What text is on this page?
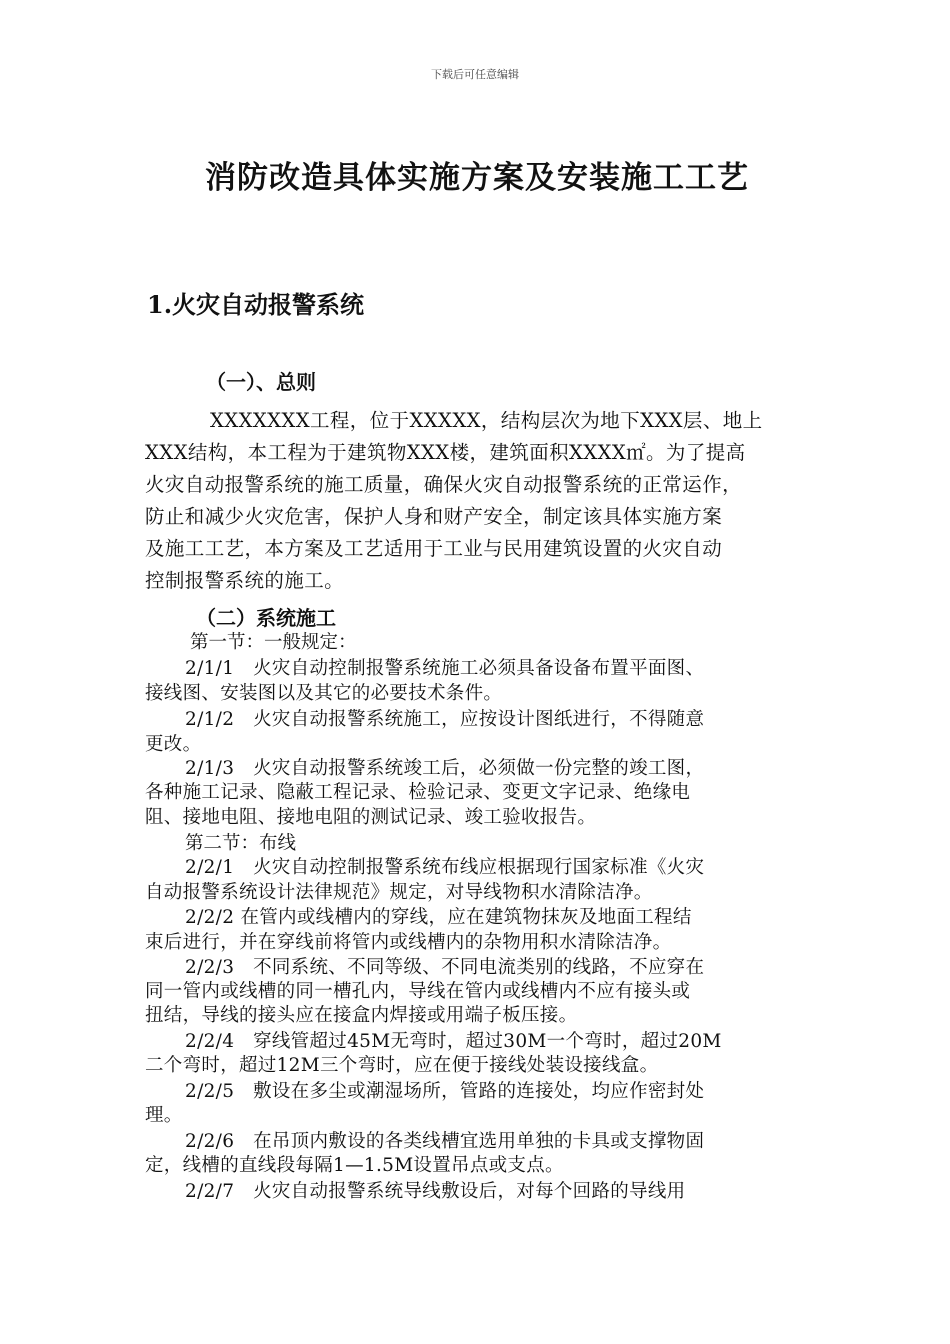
下载后可任意编辑
消防改造具体实施方案及安装施工工艺
1.火灾自动报警系统
（一）、总则
XXXXXXX工程，位于XXXXX，结构层次为地下XXX层、地上
XXX结构，本工程为于建筑物XXX楼，建筑面积XXXX㎡。为了提高
火灾自动报警系统的施工质量，确保火灾自动报警系统的正常运作，
防止和减少火灾危害，保护人身和财产安全，制定该具体实施方案
及施工工艺，本方案及工艺适用于工业与民用建筑设置的火灾自动
控制报警系统的施工。
（二）系统施工
第一节：一般规定：
2/1/1　火灾自动控制报警系统施工必须具备设备布置平面图、
接线图、安装图以及其它的必要技术条件。
2/1/2　火灾自动报警系统施工，应按设计图纸进行，不得随意
更改。
2/1/3　火灾自动报警系统竣工后，必须做一份完整的竣工图，
各种施工记录、隐蔽工程记录、检验记录、变更文字记录、绝缘电
阻、接地电阻、接地电阻的测试记录、竣工验收报告。
第二节：布线
2/2/1　火灾自动控制报警系统布线应根据现行国家标准《火灾
自动报警系统设计法律规范》规定，对导线物积水清除洁净。
2/2/2 在管内或线槽内的穿线，应在建筑物抹灰及地面工程结
束后进行，并在穿线前将管内或线槽内的杂物用积水清除洁净。
2/2/3　不同系统、不同等级、不同电流类别的线路，不应穿在
同一管内或线槽的同一槽孔内，导线在管内或线槽内不应有接头或
扭结，导线的接头应在接盒内焊接或用端子板压接。
2/2/4　穿线管超过45M无弯时，超过30M一个弯时，超过20M
二个弯时，超过12M三个弯时，应在便于接线处装设接线盒。
2/2/5　敷设在多尘或潮湿场所，管路的连接处，均应作密封处
理。
2/2/6　在吊顶内敷设的各类线槽宜选用单独的卡具或支撑物固
定，线槽的直线段每隔1—1.5M设置吊点或支点。
2/2/7　火灾自动报警系统导线敷设后，对每个回路的导线用
